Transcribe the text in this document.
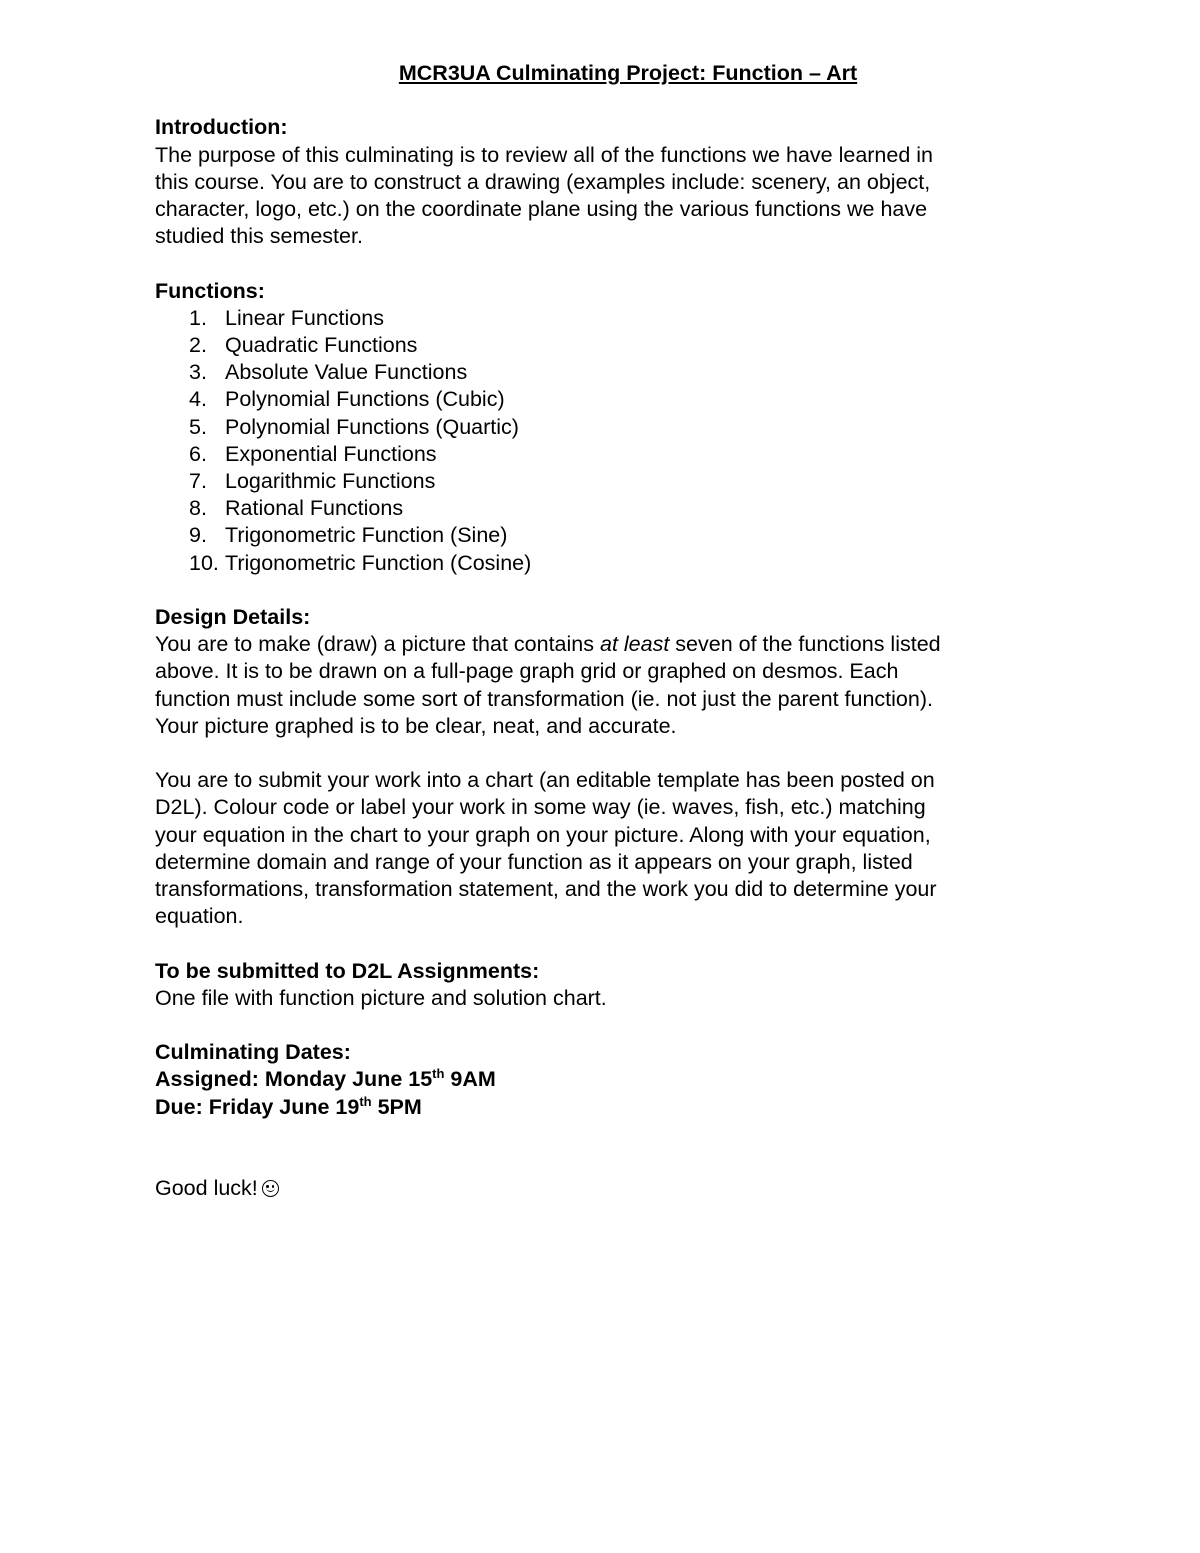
MCR3UA Culminating Project: Function – Art

Introduction:

The purpose of this culminating is to review all of the functions we have learned in

this course. You are to construct a drawing (examples include: scenery, an object,

character, logo, etc.) on the coordinate plane using the various functions we have

studied this semester.

Functions:

1. Linear Functions
2. Quadratic Functions
3. Absolute Value Functions
4. Polynomial Functions (Cubic)
5. Polynomial Functions (Quartic)
6. Exponential Functions
7. Logarithmic Functions
8. Rational Functions
9. Trigonometric Function (Sine)
10. Trigonometric Function (Cosine)

Design Details:

You are to make (draw) a picture that contains at least seven of the functions listed

above. It is to be drawn on a full-page graph grid or graphed on desmos. Each

function must include some sort of transformation (ie. not just the parent function).

Your picture graphed is to be clear, neat, and accurate.

You are to submit your work into a chart (an editable template has been posted on

D2L). Colour code or label your work in some way (ie. waves, fish, etc.) matching

your equation in the chart to your graph on your picture. Along with your equation,

determine domain and range of your function as it appears on your graph, listed

transformations, transformation statement, and the work you did to determine your

equation.

To be submitted to D2L Assignments:

One file with function picture and solution chart.

Culminating Dates:

Assigned: Monday June 15th 9AM

Due: Friday June 19th 5PM

Good luck!
